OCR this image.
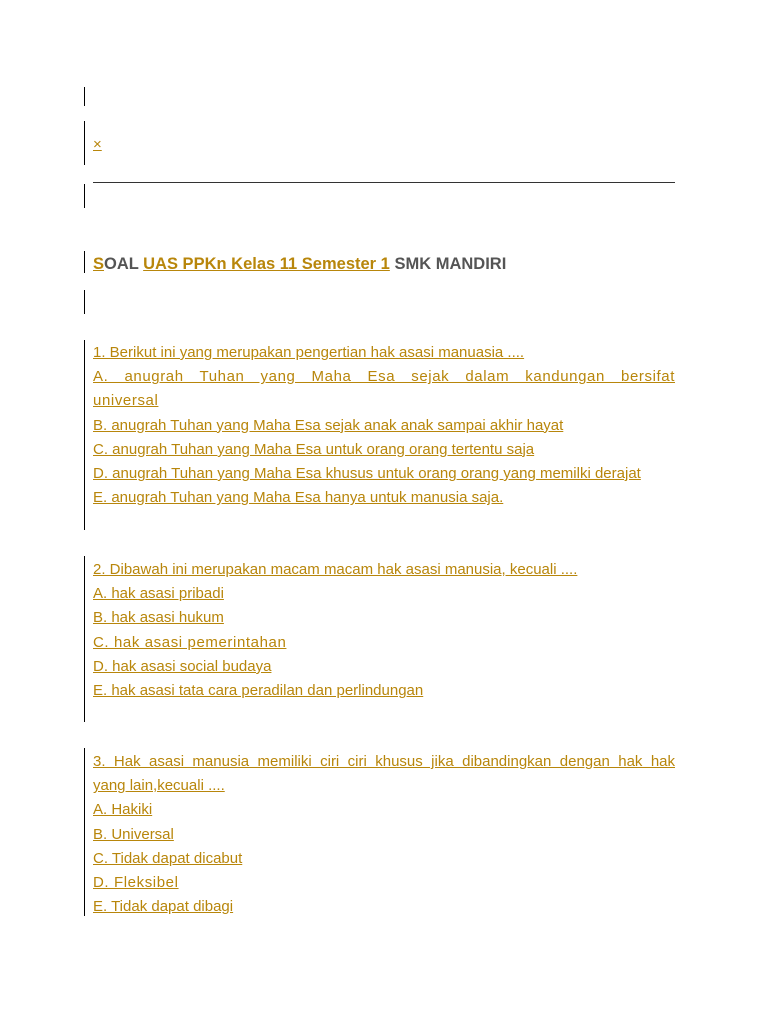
×
SOAL UAS PPKn Kelas 11 Semester 1 SMK MANDIRI
1. Berikut ini yang merupakan pengertian hak asasi manuasia ....
A. anugrah Tuhan yang Maha Esa sejak dalam kandungan bersifat
universal
B. anugrah Tuhan yang Maha Esa sejak anak anak sampai akhir hayat
C. anugrah Tuhan yang Maha Esa untuk orang orang tertentu saja
D. anugrah Tuhan yang Maha Esa khusus untuk orang orang yang memilki derajat
E. anugrah Tuhan yang Maha Esa hanya untuk manusia saja.
2. Dibawah ini merupakan macam macam hak asasi manusia, kecuali ....
A. hak asasi pribadi
B. hak asasi hukum
C. hak asasi pemerintahan
D. hak asasi social budaya
E. hak asasi tata cara peradilan dan perlindungan
3. Hak asasi manusia memiliki ciri ciri khusus jika dibandingkan dengan hak hak
yang lain,kecuali ....
A. Hakiki
B. Universal
C. Tidak dapat dicabut
D. Fleksibel
E. Tidak dapat dibagi
